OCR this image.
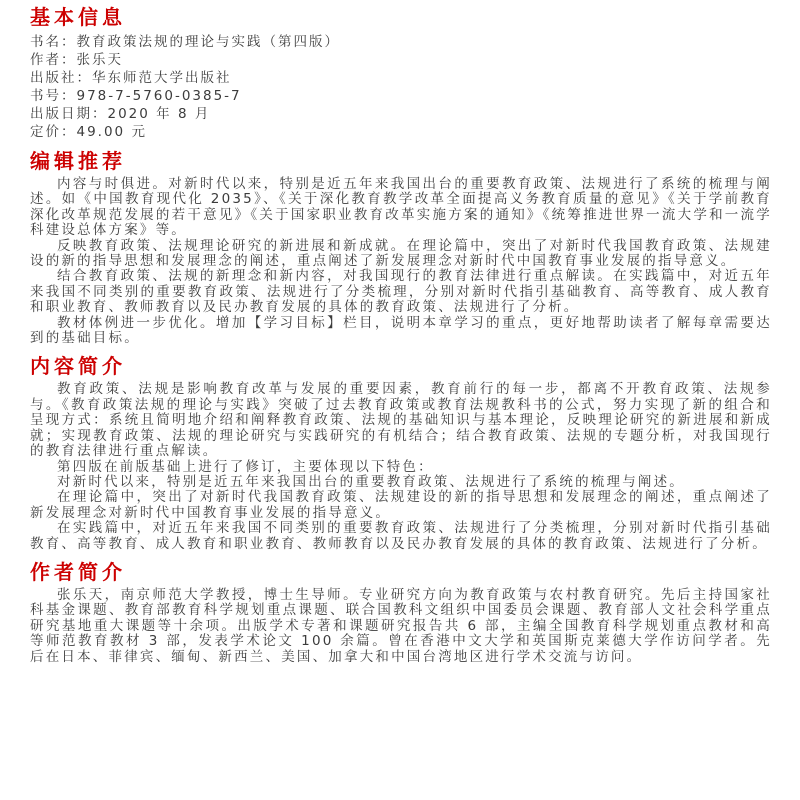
基本信息

书名：教育政策法规的理论与实践（第四版）

作者：张乐天

出版社：华东师范大学出版社

书号：978-7-5760-0385-7

出版日期：2020 年 8 月

定价：49.00 元

编辑推荐

内容与时俱进。对新时代以来，特别是近五年来我国出台的重要教育政策、法规进行了系统的梳理与阐述。如《中国教育现代化 2035》、《关于深化教育教学改革全面提高义务教育质量的意见》《关于学前教育深化改革规范发展的若干意见》《关于国家职业教育改革实施方案的通知》《统筹推进世界一流大学和一流学科建设总体方案》等。

反映教育政策、法规理论研究的新进展和新成就。在理论篇中，突出了对新时代我国教育政策、法规建设的新的指导思想和发展理念的阐述，重点阐述了新发展理念对新时代中国教育事业发展的指导意义。

结合教育政策、法规的新理念和新内容，对我国现行的教育法律进行重点解读。在实践篇中，对近五年来我国不同类别的重要教育政策、法规进行了分类梳理，分别对新时代指引基础教育、高等教育、成人教育和职业教育、教师教育以及民办教育发展的具体的教育政策、法规进行了分析。

教材体例进一步优化。增加【学习目标】栏目，说明本章学习的重点，更好地帮助读者了解每章需要达到的基础目标。

内容简介

教育政策、法规是影响教育改革与发展的重要因素，教育前行的每一步，都离不开教育政策、法规参与。《教育政策法规的理论与实践》突破了过去教育政策或教育法规教科书的公式，努力实现了新的组合和呈现方式：系统且简明地介绍和阐释教育政策、法规的基础知识与基本理论，反映理论研究的新进展和新成就；实现教育政策、法规的理论研究与实践研究的有机结合；结合教育政策、法规的专题分析，对我国现行的教育法律进行重点解读。

第四版在前版基础上进行了修订，主要体现以下特色：

对新时代以来，特别是近五年来我国出台的重要教育政策、法规进行了系统的梳理与阐述。

在理论篇中，突出了对新时代我国教育政策、法规建设的新的指导思想和发展理念的阐述，重点阐述了新发展理念对新时代中国教育事业发展的指导意义。

在实践篇中，对近五年来我国不同类别的重要教育政策、法规进行了分类梳理，分别对新时代指引基础教育、高等教育、成人教育和职业教育、教师教育以及民办教育发展的具体的教育政策、法规进行了分析。

作者简介

张乐天，南京师范大学教授，博士生导师。专业研究方向为教育政策与农村教育研究。先后主持国家社科基金课题、教育部教育科学规划重点课题、联合国教科文组织中国委员会课题、教育部人文社会科学重点研究基地重大课题等十余项。出版学术专著和课题研究报告共 6 部，主编全国教育科学规划重点教材和高等师范教育教材 3 部，发表学术论文 100 余篇。曾在香港中文大学和英国斯克莱德大学作访问学者。先后在日本、菲律宾、缅甸、新西兰、美国、加拿大和中国台湾地区进行学术交流与访问。
